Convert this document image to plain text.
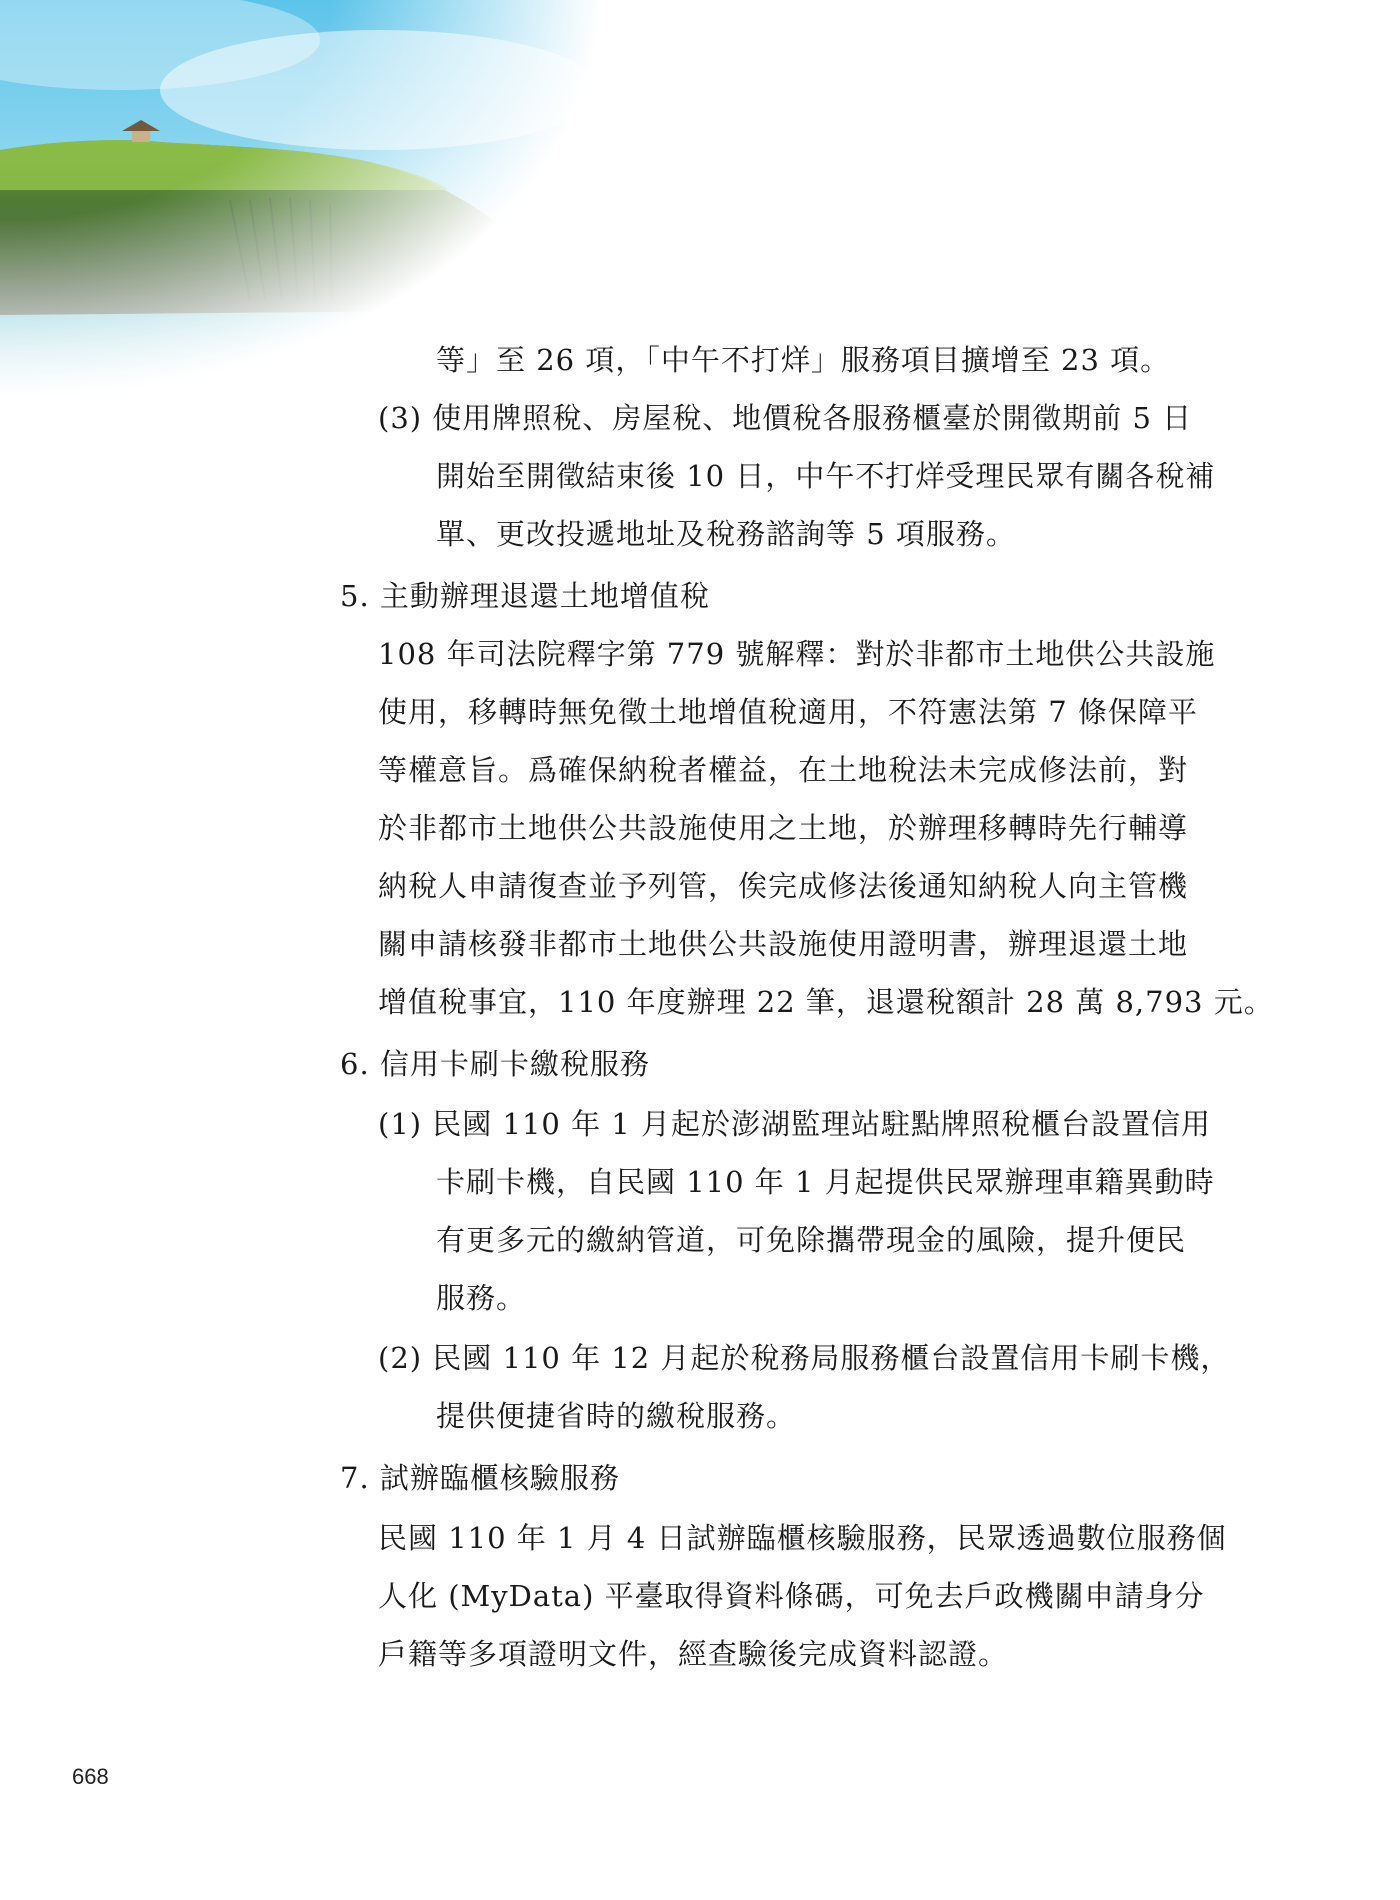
等」至 26 項，「中午不打烊」服務項目擴增至 23 項。
(3) 使用牌照稅、房屋稅、地價稅各服務櫃臺於開徵期前 5 日
開始至開徵結束後 10 日，中午不打烊受理民眾有關各稅補
單、更改投遞地址及稅務諮詢等 5 項服務。
5. 主動辦理退還土地增值稅
108 年司法院釋字第 779 號解釋：對於非都市土地供公共設施
使用，移轉時無免徵土地增值稅適用，不符憲法第 7 條保障平
等權意旨。爲確保納稅者權益，在土地稅法未完成修法前，對
於非都市土地供公共設施使用之土地，於辦理移轉時先行輔導
納稅人申請復查並予列管，俟完成修法後通知納稅人向主管機
關申請核發非都市土地供公共設施使用證明書，辦理退還土地
增值稅事宜，110 年度辦理 22 筆，退還稅額計 28 萬 8,793 元。
6. 信用卡刷卡繳稅服務
(1) 民國 110 年 1 月起於澎湖監理站駐點牌照稅櫃台設置信用
卡刷卡機，自民國 110 年 1 月起提供民眾辦理車籍異動時
有更多元的繳納管道，可免除攜帶現金的風險，提升便民
服務。
(2) 民國 110 年 12 月起於稅務局服務櫃台設置信用卡刷卡機，
提供便捷省時的繳稅服務。
7. 試辦臨櫃核驗服務
民國 110 年 1 月 4 日試辦臨櫃核驗服務，民眾透過數位服務個
人化 (MyData) 平臺取得資料條碼，可免去戶政機關申請身分
戶籍等多項證明文件，經查驗後完成資料認證。
668
